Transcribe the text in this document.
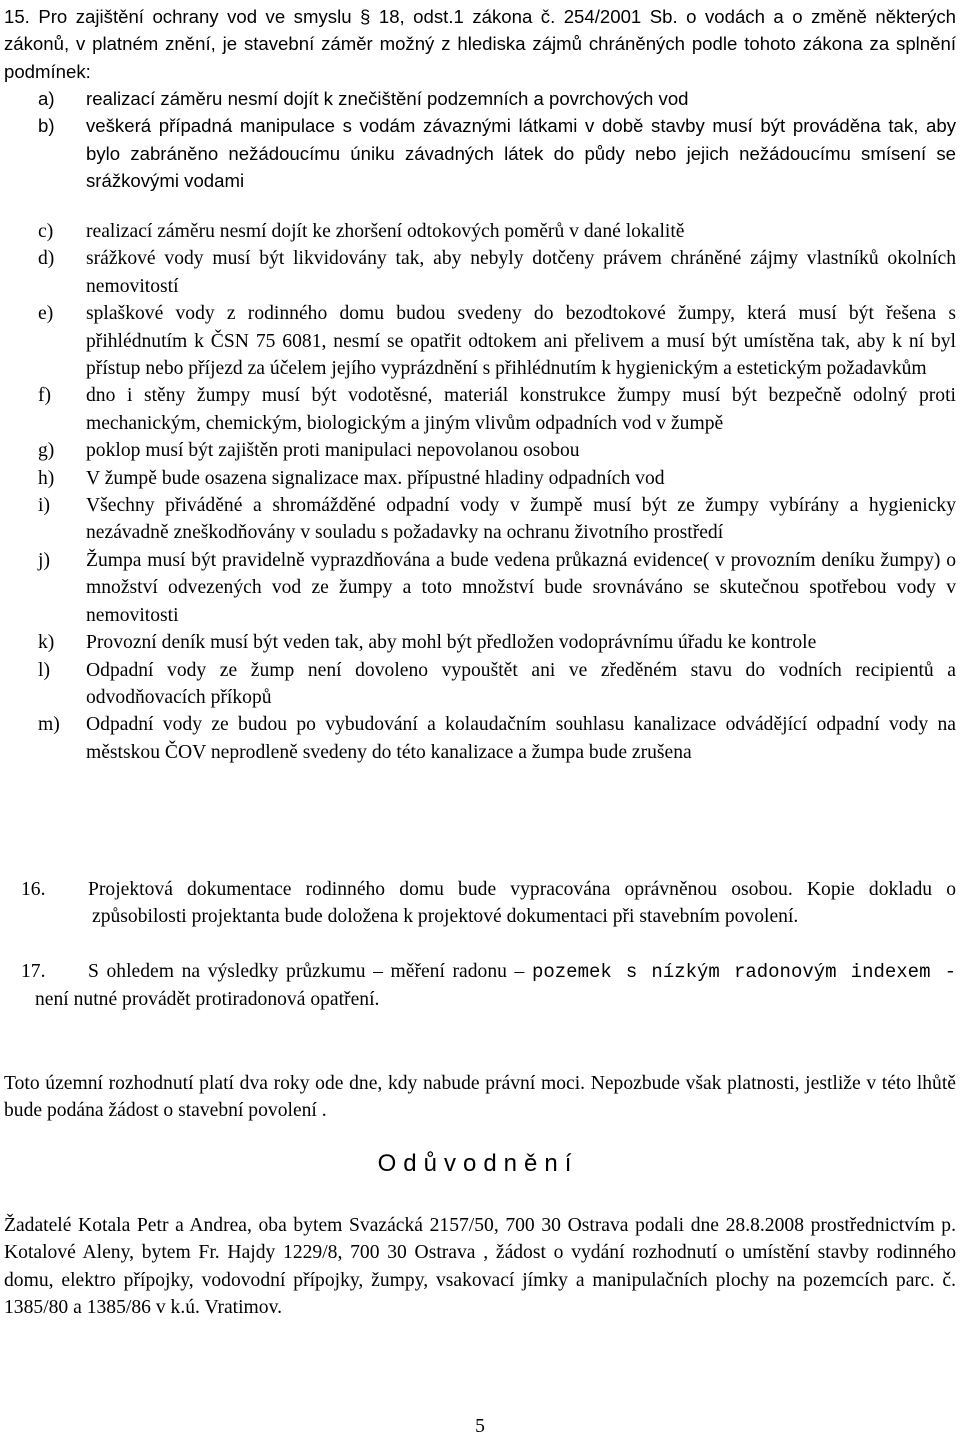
15. Pro zajištění ochrany vod ve smyslu § 18, odst.1 zákona č. 254/2001 Sb. o vodách a o změně některých zákonů, v platném znění, je stavební záměr možný z hlediska zájmů chráněných podle tohoto zákona za splnění podmínek:

a)	realizací záměru nesmí dojít k znečištění podzemních a povrchových vod
b)	veškerá případná manipulace s vodám závaznými látkami v době stavby musí být prováděna tak, aby bylo zabráněno nežádoucímu úniku závadných látek do půdy nebo jejich nežádoucímu smísení se srážkovými vodami
c)	realizací záměru nesmí dojít ke zhoršení odtokových poměrů v dané lokalitě
d)	srážkové vody musí být likvidovány tak, aby nebyly dotčeny právem chráněné zájmy vlastníků okolních nemovitostí
e)	splaškové vody z rodinného domu budou svedeny do bezodtokové žumpy, která musí být řešena s přihlédnutím k ČSN 75 6081, nesmí se opatřit odtokem ani přelivem a musí být umístěna tak, aby k ní byl přístup nebo příjezd za účelem jejího vyprázdnění s přihlédnutím k hygienickým a estetickým požadavkům
f)	dno i stěny žumpy musí být vodotěsné, materiál konstrukce žumpy musí být bezpečně odolný proti mechanickým, chemickým, biologickým a jiným vlivům odpadních vod v žumpě
g)	poklop musí být zajištěn proti manipulaci nepovolanou osobou
h)	V žumpě bude osazena signalizace max. přípustné hladiny odpadních vod
i)	Všechny přiváděné a shromážděné odpadní vody v žumpě musí být ze žumpy vybírány a hygienicky nezávadně zneškodňovány v souladu s požadavky na ochranu životního prostředí
j)	Žumpa musí být pravidelně vyprazdňována a bude vedena průkazná evidence( v provozním deníku žumpy) o množství odvezených vod ze žumpy a toto množství bude srovnáváno se skutečnou spotřebou vody v nemovitosti
k)	Provozní deník musí být veden tak, aby mohl být předložen vodoprávnímu úřadu ke kontrole
l)	Odpadní vody ze žump není dovoleno vypouštět ani ve zředěném stavu do vodních recipientů a odvodňovacích příkopů
m)	Odpadní vody ze budou po vybudování a kolaudačním souhlasu kanalizace odvádějící odpadní vody na městskou ČOV neprodleně svedeny do této kanalizace a žumpa bude zrušena
16. Projektová dokumentace rodinného domu bude vypracována oprávněnou osobou. Kopie dokladu o způsobilosti projektanta bude doložena k projektové dokumentaci při stavebním povolení.

17.	S ohledem na výsledky průzkumu – měření radonu – pozemek s nízkým radonovým indexem - není nutné provádět protiradonová opatření.

Toto územní rozhodnutí platí dva roky ode dne, kdy nabude právní moci. Nepozbude však platnosti, jestliže v této lhůtě bude podána žádost o stavební povolení .

Odůvodnění

Žadatelé Kotala Petr a Andrea, oba bytem Svazácká 2157/50, 700 30 Ostrava podali dne 28.8.2008 prostřednictvím p. Kotalové Aleny, bytem Fr. Hajdy 1229/8, 700 30 Ostrava , žádost o vydání rozhodnutí o umístění stavby rodinného domu, elektro přípojky, vodovodní přípojky, žumpy, vsakovací jímky a manipulačních plochy na pozemcích parc. č. 1385/80 a 1385/86 v k.ú. Vratimov.

5
